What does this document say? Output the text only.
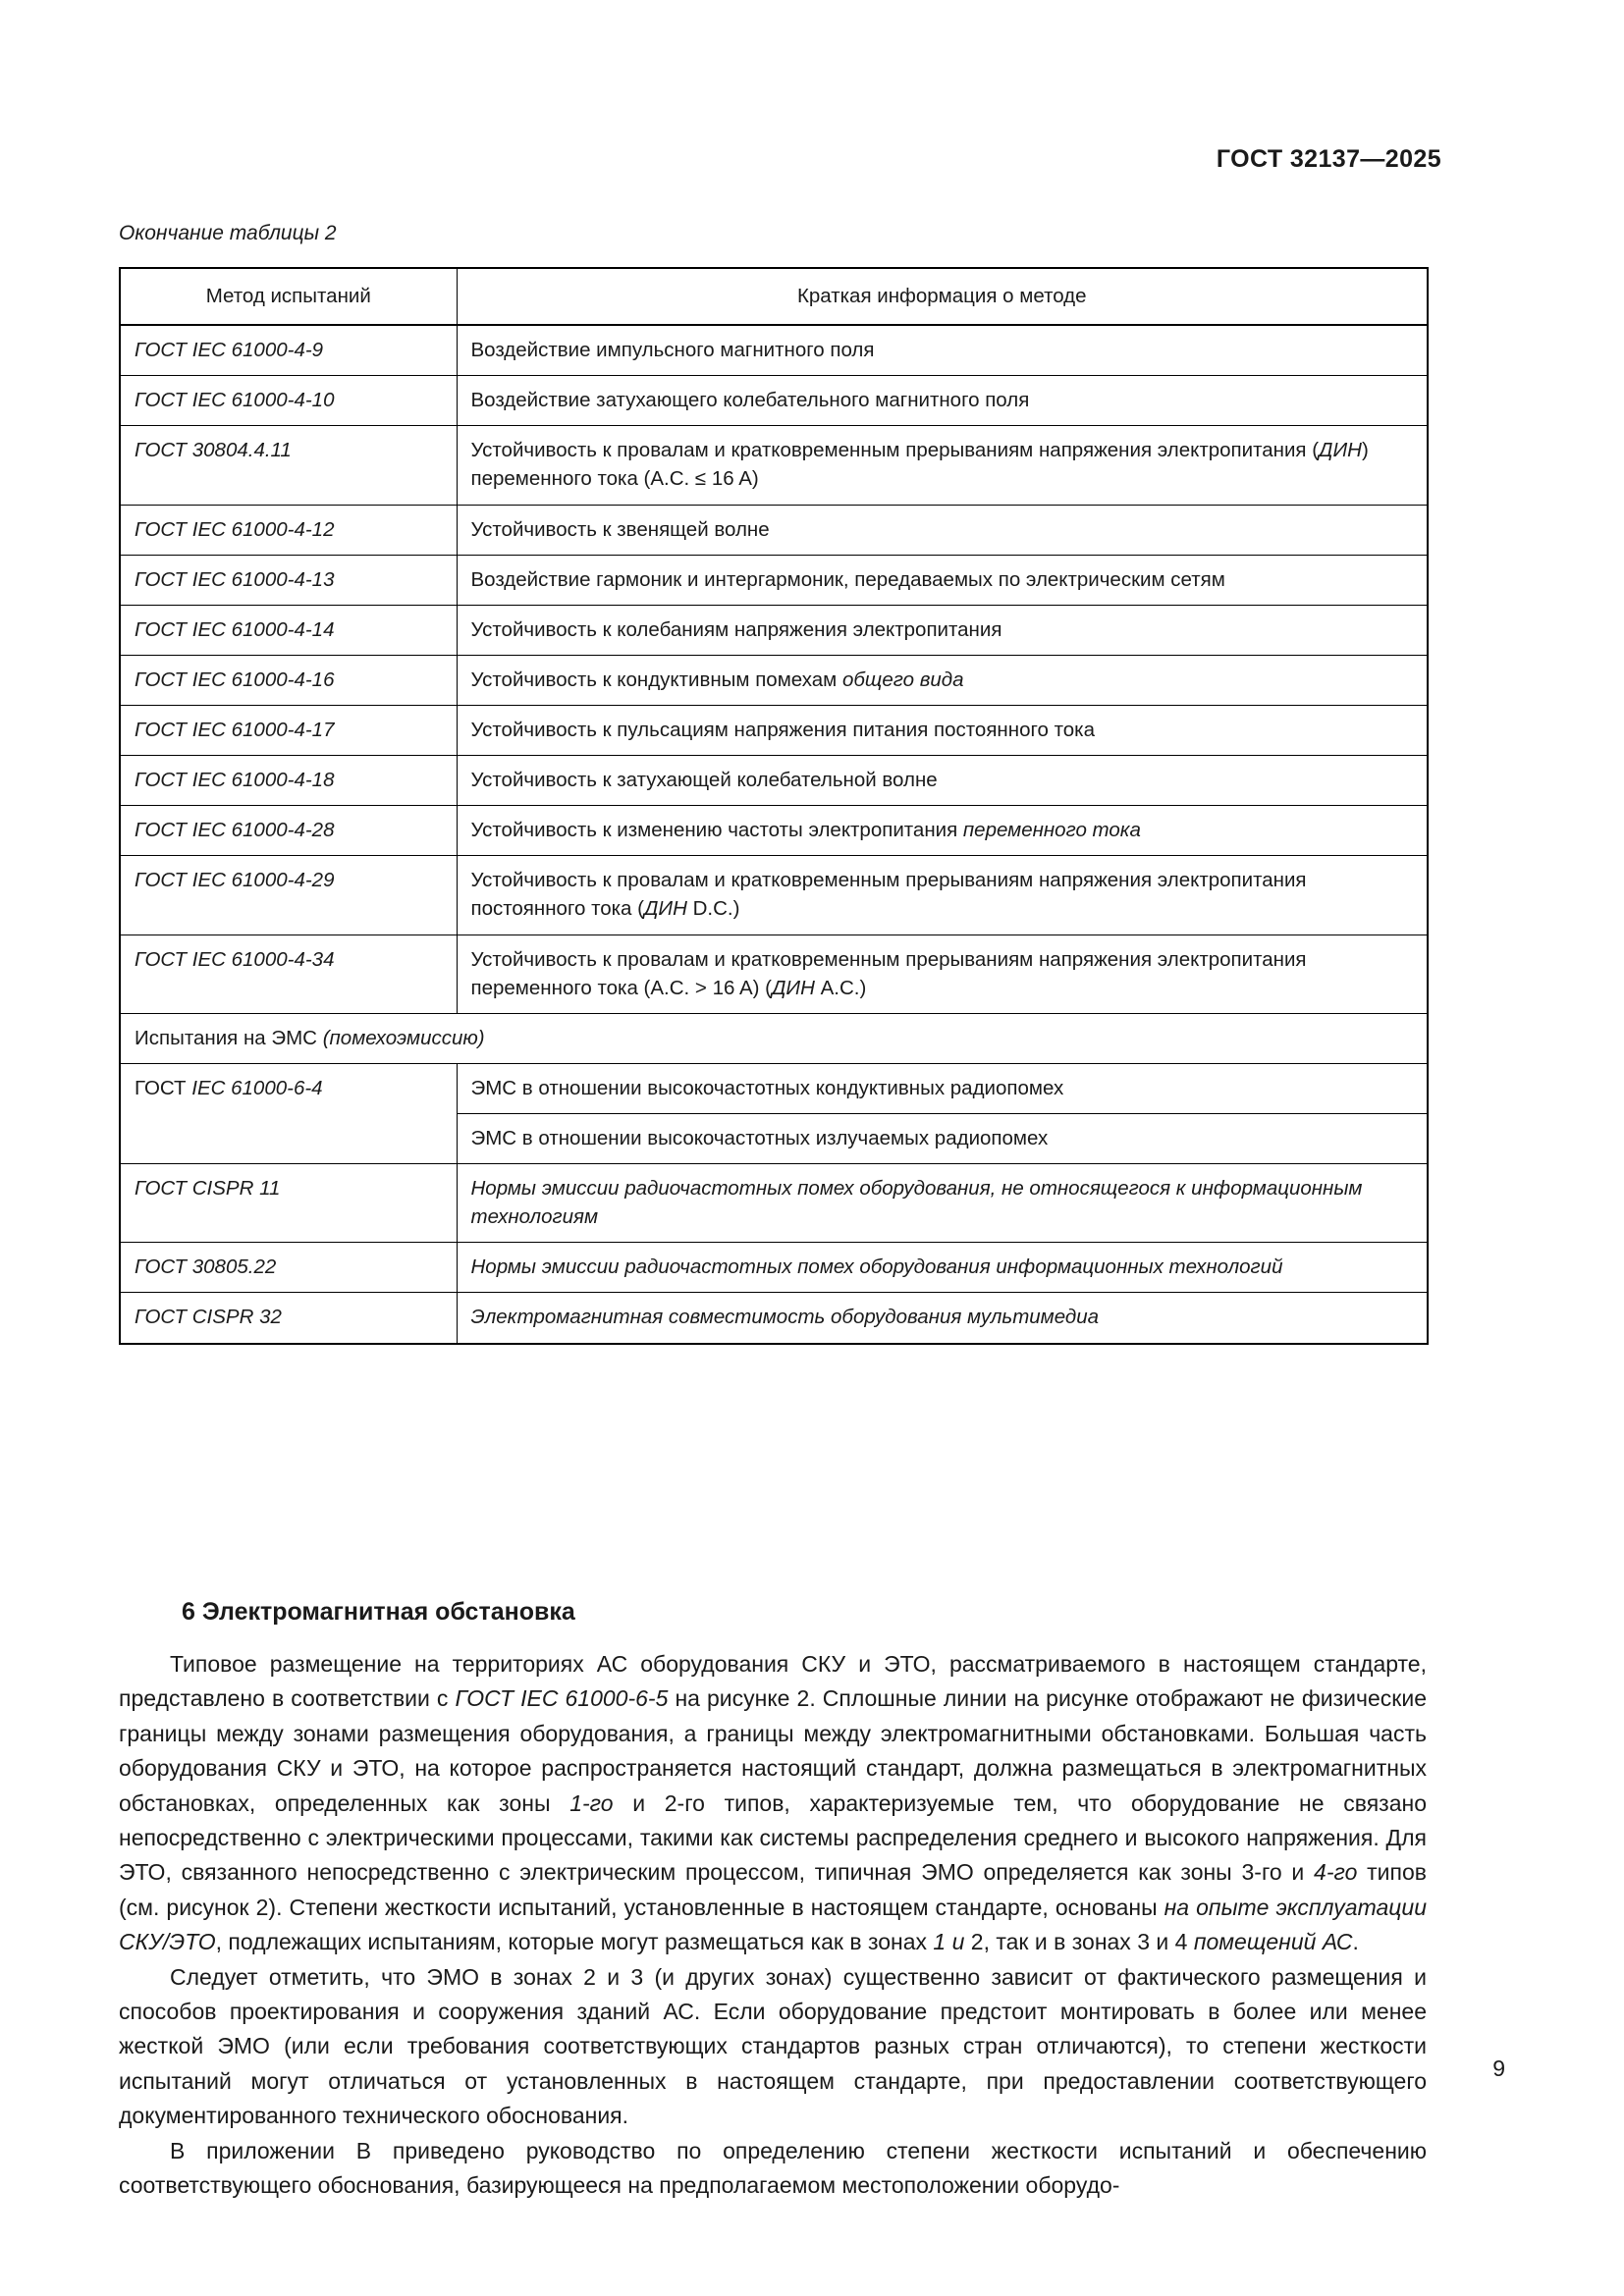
ГОСТ 32137—2025
Окончание таблицы 2
Метод испытаний	Краткая информация о методе
ГОСТ IEC 61000-4-9	Воздействие импульсного магнитного поля
ГОСТ IEC 61000-4-10	Воздействие затухающего колебательного магнитного поля
ГОСТ 30804.4.11	Устойчивость к провалам и кратковременным прерываниям напряжения электропитания (ДИН) переменного тока (A.C. ≤ 16 A)
ГОСТ IEC 61000-4-12	Устойчивость к звенящей волне
ГОСТ IEC 61000-4-13	Воздействие гармоник и интергармоник, передаваемых по электрическим сетям
ГОСТ IEC 61000-4-14	Устойчивость к колебаниям напряжения электропитания
ГОСТ IEC 61000-4-16	Устойчивость к кондуктивным помехам общего вида
ГОСТ IEC 61000-4-17	Устойчивость к пульсациям напряжения питания постоянного тока
ГОСТ IEC 61000-4-18	Устойчивость к затухающей колебательной волне
ГОСТ IEC 61000-4-28	Устойчивость к изменению частоты электропитания переменного тока
ГОСТ IEC 61000-4-29	Устойчивость к провалам и кратковременным прерываниям напряжения электропитания постоянного тока (ДИН D.C.)
ГОСТ IEC 61000-4-34	Устойчивость к провалам и кратковременным прерываниям напряжения электропитания переменного тока (A.C. > 16 A) (ДИН A.C.)
Испытания на ЭМС (помехоэмиссию)	
ГОСТ IEC 61000-6-4	ЭМС в отношении высокочастотных кондуктивных радиопомех
	ЭМС в отношении высокочастотных излучаемых радиопомех
ГОСТ CISPR 11	Нормы эмиссии радиочастотных помех оборудования, не относящегося к информационным технологиям
ГОСТ 30805.22	Нормы эмиссии радиочастотных помех оборудования информационных технологий
ГОСТ CISPR 32	Электромагнитная совместимость оборудования мультимедиа
6 Электромагнитная обстановка

Типовое размещение на территориях АС оборудования СКУ и ЭТО, рассматриваемого в настоящем стандарте, представлено в соответствии с ГОСТ IEC 61000-6-5 на рисунке 2. Сплошные линии на рисунке отображают не физические границы между зонами размещения оборудования, а границы между электромагнитными обстановками. Большая часть оборудования СКУ и ЭТО, на которое распространяется настоящий стандарт, должна размещаться в электромагнитных обстановках, определенных как зоны 1-го и 2-го типов, характеризуемые тем, что оборудование не связано непосредственно с электрическими процессами, такими как системы распределения среднего и высокого напряжения. Для ЭТО, связанного непосредственно с электрическим процессом, типичная ЭМО определяется как зоны 3-го и 4-го типов (см. рисунок 2). Степени жесткости испытаний, установленные в настоящем стандарте, основаны на опыте эксплуатации СКУ/ЭТО, подлежащих испытаниям, которые могут размещаться как в зонах 1 и 2, так и в зонах 3 и 4 помещений АС.

Следует отметить, что ЭМО в зонах 2 и 3 (и других зонах) существенно зависит от фактического размещения и способов проектирования и сооружения зданий АС. Если оборудование предстоит монтировать в более или менее жесткой ЭМО (или если требования соответствующих стандартов разных стран отличаются), то степени жесткости испытаний могут отличаться от установленных в настоящем стандарте, при предоставлении соответствующего документированного технического обоснования.

В приложении В приведено руководство по определению степени жесткости испытаний и обеспечению соответствующего обоснования, базирующееся на предполагаемом местоположении оборудо-

9
